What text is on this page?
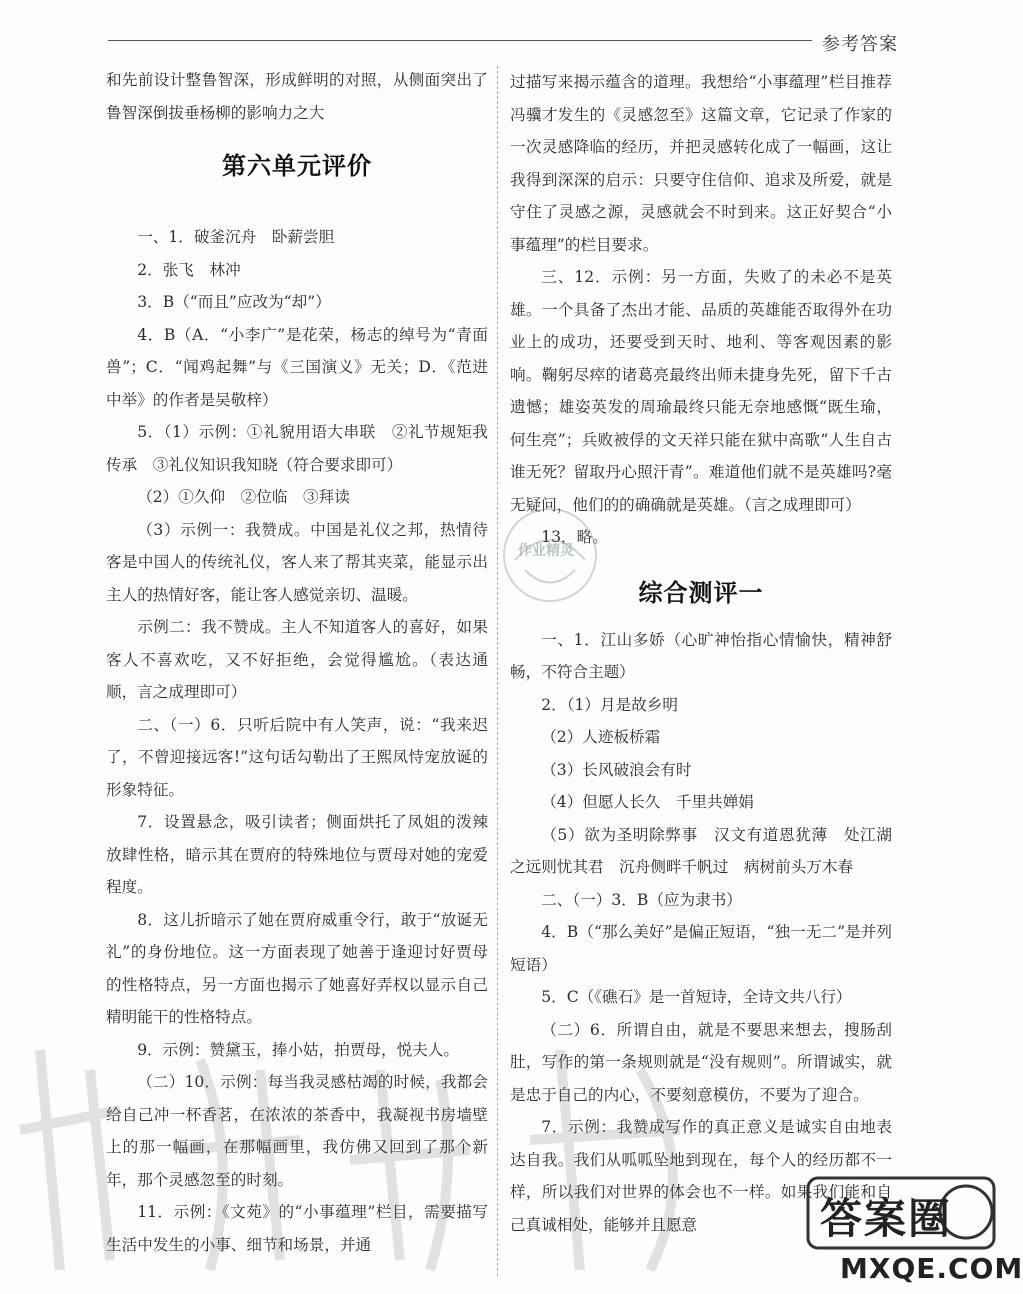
参考答案

和先前设计整鲁智深，形成鲜明的对照，从侧面突出了鲁智深倒拔垂杨柳的影响力之大

第六单元评价

一、1．破釜沉舟　卧薪尝胆

2．张飞　林冲

3．B（“而且”应改为“却”）

4．B（A．“小李广”是花荣，杨志的绰号为“青面兽”；C．“闻鸡起舞”与《三国演义》无关；D．《范进中举》的作者是吴敬梓）

5．（1）示例：①礼貌用语大串联　②礼节规矩我传承　③礼仪知识我知晓（符合要求即可）

（2）①久仰　②位临　③拜读

（3）示例一：我赞成。中国是礼仪之邦，热情待客是中国人的传统礼仪，客人来了帮其夹菜，能显示出主人的热情好客，能让客人感觉亲切、温暖。

示例二：我不赞成。主人不知道客人的喜好，如果客人不喜欢吃，又不好拒绝，会觉得尴尬。（表达通顺，言之成理即可）

二、（一）6．只听后院中有人笑声，说：“我来迟了，不曾迎接远客!”这句话勾勒出了王熙凤恃宠放诞的形象特征。

7．设置悬念，吸引读者；侧面烘托了凤姐的泼辣放肆性格，暗示其在贾府的特殊地位与贾母对她的宠爱程度。

8．这儿折暗示了她在贾府威重令行，敢于“放诞无礼”的身份地位。这一方面表现了她善于逢迎讨好贾母的性格特点，另一方面也揭示了她喜好弄权以显示自己精明能干的性格特点。

9．示例：赞黛玉，捧小姑，拍贾母，悦夫人。

（二）10．示例：每当我灵感枯竭的时候，我都会给自己冲一杯香茗，在浓浓的茶香中，我凝视书房墙壁上的那一幅画，在那幅画里，我仿佛又回到了那个新年，那个灵感忽至的时刻。

11．示例：《文苑》的“小事蕴理”栏目，需要描写生活中发生的小事、细节和场景，并通

过描写来揭示蕴含的道理。我想给“小事蕴理”栏目推荐冯骥才发生的《灵感忽至》这篇文章，它记录了作家的一次灵感降临的经历，并把灵感转化成了一幅画，这让我得到深深的启示：只要守住信仰、追求及所爱，就是守住了灵感之源，灵感就会不时到来。这正好契合“小事蕴理”的栏目要求。

三、12．示例：另一方面，失败了的未必不是英雄。一个具备了杰出才能、品质的英雄能否取得外在功业上的成功，还要受到天时、地利、等客观因素的影响。鞠躬尽瘁的诸葛亮最终出师未捷身先死，留下千古遗憾；雄姿英发的周瑜最终只能无奈地感慨“既生瑜，何生亮”；兵败被俘的文天祥只能在狱中高歌“人生自古谁无死？留取丹心照汗青”。难道他们就不是英雄吗?毫无疑问，他们的的确确就是英雄。（言之成理即可）

13．略。

综合测评一

一、1．江山多娇（心旷神怡指心情愉快，精神舒畅，不符合主题）

2．（1）月是故乡明

（2）人迹板桥霜

（3）长风破浪会有时

（4）但愿人长久　千里共婵娟

（5）欲为圣明除弊事　汉文有道恩犹薄　处江湖之远则忧其君　沉舟侧畔千帆过　病树前头万木春

二、（一）3．B（应为隶书）

4．B（“那么美好”是偏正短语，“独一无二”是并列短语）

5．C（《礁石》是一首短诗，全诗文共八行）

（二）6．所谓自由，就是不要思来想去，搜肠刮肚，写作的第一条规则就是“没有规则”。所谓诚实，就是忠于自己的内心，不要刻意模仿，不要为了迎合。

7．示例：我赞成写作的真正意义是诚实自由地表达自我。我们从呱呱坠地到现在，每个人的经历都不一样，所以我们对世界的体会也不一样。如果我们能和自己真诚相处，能够并且愿意	答案圈
MXQE.COM
作业精灵
